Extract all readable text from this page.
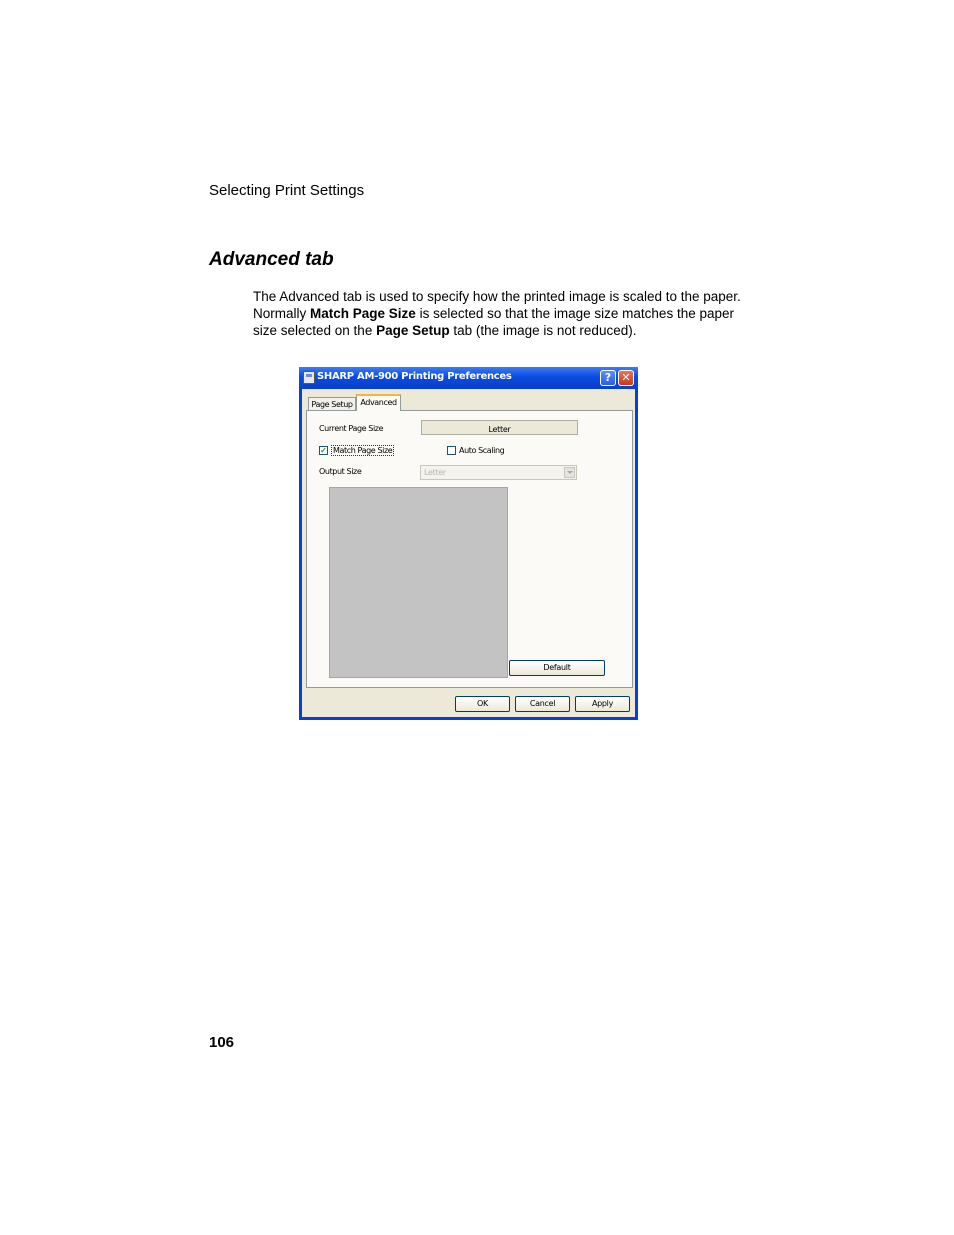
Selecting Print Settings
Advanced tab
The Advanced tab is used to specify how the printed image is scaled to the paper. Normally Match Page Size is selected so that the image size matches the paper size selected on the Page Setup tab (the image is not reduced).
SHARP AM-900 Printing Preferences	? ✕
Page Setup Advanced
Current Page Size	Letter
✓ Match Page Size	Auto Scaling
Output Size	Letter
Default
OK	Cancel	Apply
106
